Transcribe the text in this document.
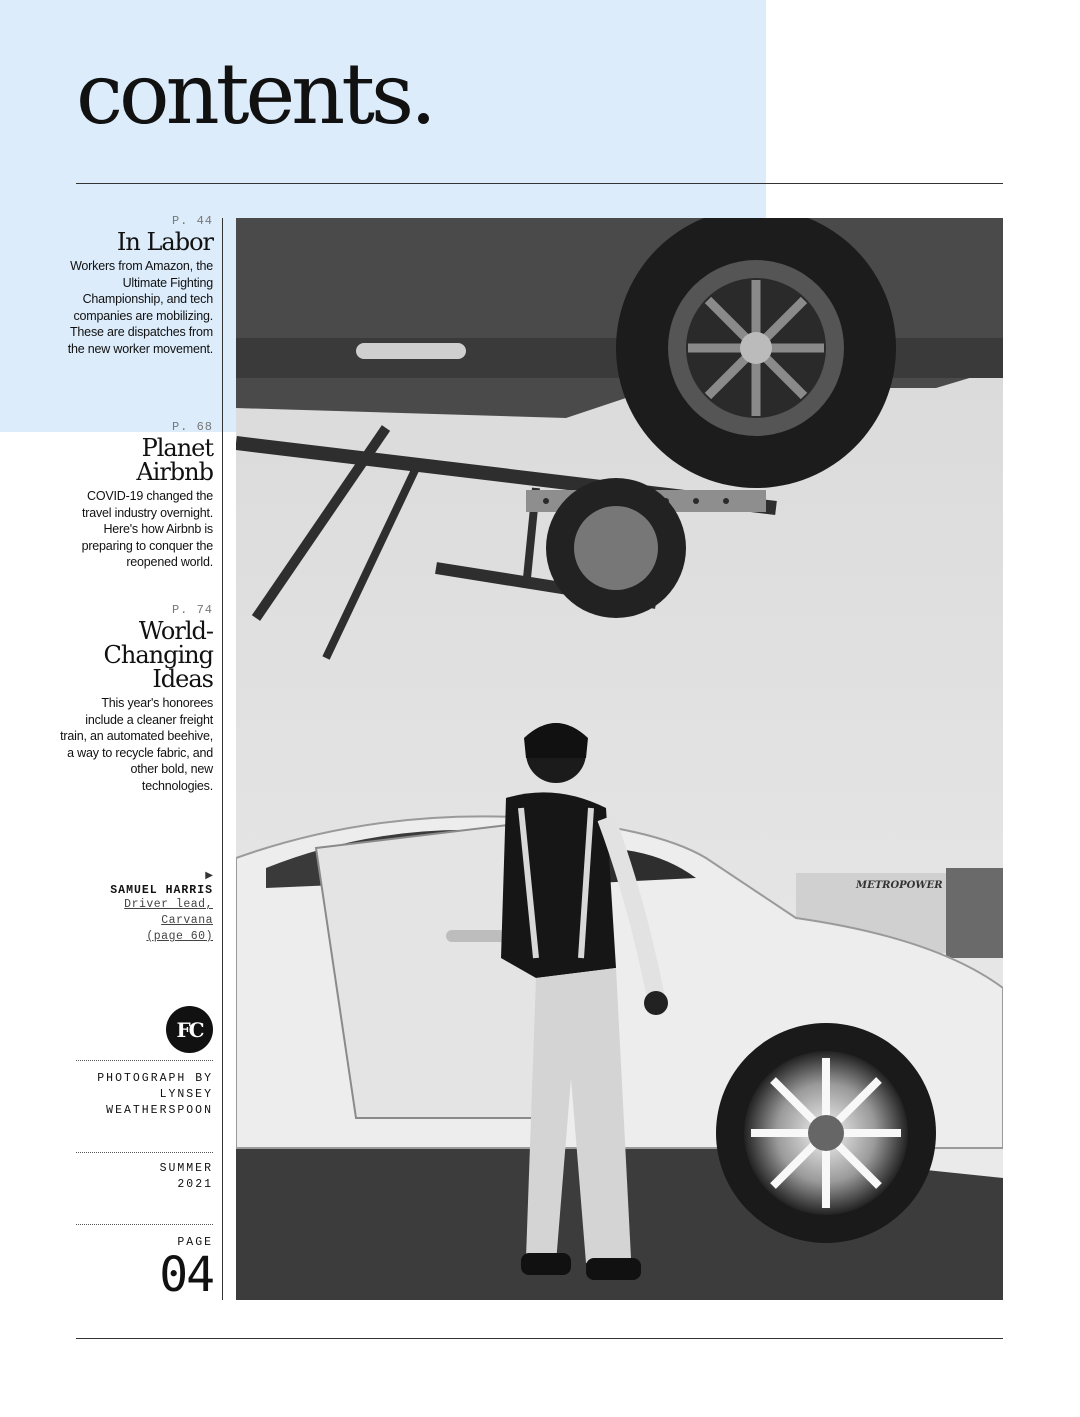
contents.
P. 44
In Labor
Workers from Amazon, the Ultimate Fighting Championship, and tech companies are mobilizing. These are dispatches from the new worker movement.
P. 68
Planet Airbnb
COVID-19 changed the travel industry overnight. Here's how Airbnb is preparing to conquer the reopened world.
P. 74
World-Changing Ideas
This year's honorees include a cleaner freight train, an automated beehive, a way to recycle fabric, and other bold, new technologies.
▶
SAMUEL HARRIS
Driver lead,
Carvana
(page 60)
FC
PHOTOGRAPH BY
LYNSEY
WEATHERSPOON
SUMMER
2021
PAGE
04
METROPOWER
